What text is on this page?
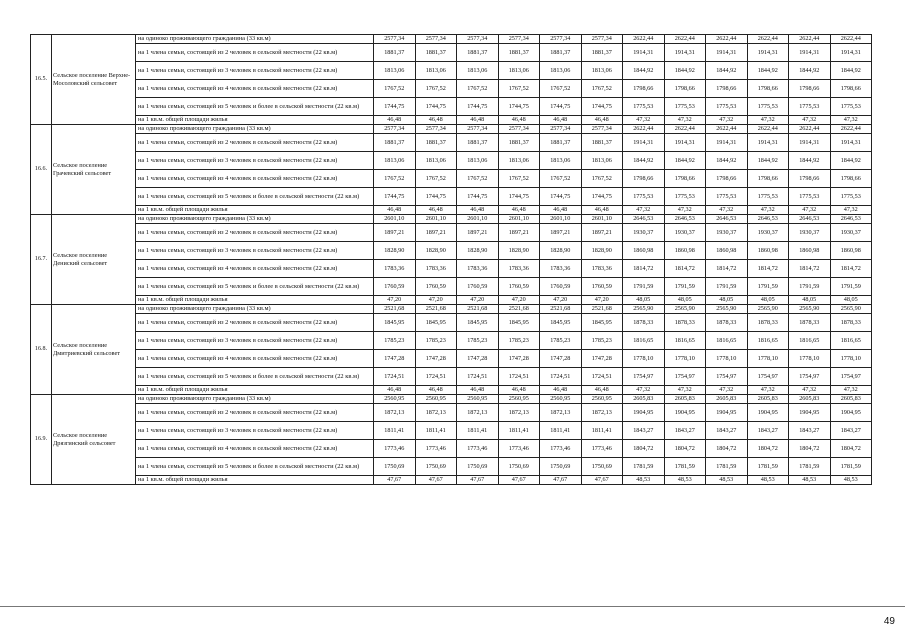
16.5.	Сельское поселение Верхне-Мосоловский сельсовет	на одиноко проживающего гражданина (33 кв.м)	2577,34	2577,34	2577,34	2577,34	2577,34	2577,34	2622,44	2622,44	2622,44	2622,44	2622,44	2622,44
		на 1 члена семьи, состоящей из 2 человек в сельской местности (22 кв.м)	1881,37	1881,37	1881,37	1881,37	1881,37	1881,37	1914,31	1914,31	1914,31	1914,31	1914,31	1914,31
		на 1 члена семьи, состоящей из 3 человек в сельской местности (22 кв.м)	1813,06	1813,06	1813,06	1813,06	1813,06	1813,06	1844,92	1844,92	1844,92	1844,92	1844,92	1844,92
		на 1 члена семьи, состоящей из 4 человек в сельской местности (22 кв.м)	1767,52	1767,52	1767,52	1767,52	1767,52	1767,52	1798,66	1798,66	1798,66	1798,66	1798,66	1798,66
		на 1 члена семьи, состоящей из 5 человек и более в сельской местности (22 кв.м)	1744,75	1744,75	1744,75	1744,75	1744,75	1744,75	1775,53	1775,53	1775,53	1775,53	1775,53	1775,53
		на 1 кв.м. общей площади жилья	46,48	46,48	46,48	46,48	46,48	46,48	47,32	47,32	47,32	47,32	47,32	47,32
16.6.	Сельское поселение Грачевский сельсовет	на одиноко проживающего гражданина (33 кв.м)	2577,34	2577,34	2577,34	2577,34	2577,34	2577,34	2622,44	2622,44	2622,44	2622,44	2622,44	2622,44
		на 1 члена семьи, состоящей из 2 человек в сельской местности (22 кв.м)	1881,37	1881,37	1881,37	1881,37	1881,37	1881,37	1914,31	1914,31	1914,31	1914,31	1914,31	1914,31
		на 1 члена семьи, состоящей из 3 человек в сельской местности (22 кв.м)	1813,06	1813,06	1813,06	1813,06	1813,06	1813,06	1844,92	1844,92	1844,92	1844,92	1844,92	1844,92
		на 1 члена семьи, состоящей из 4 человек в сельской местности (22 кв.м)	1767,52	1767,52	1767,52	1767,52	1767,52	1767,52	1798,66	1798,66	1798,66	1798,66	1798,66	1798,66
		на 1 члена семьи, состоящей из 5 человек и более в сельской местности (22 кв.м)	1744,75	1744,75	1744,75	1744,75	1744,75	1744,75	1775,53	1775,53	1775,53	1775,53	1775,53	1775,53
		на 1 кв.м. общей площади жилья	46,48	46,48	46,48	46,48	46,48	46,48	47,32	47,32	47,32	47,32	47,32	47,32
16.7.	Сельское поселение Дениский сельсовет	на одиноко проживающего гражданина (33 кв.м)	2601,10	2601,10	2601,10	2601,10	2601,10	2601,10	2646,53	2646,53	2646,53	2646,53	2646,53	2646,53
		на 1 члена семьи, состоящей из 2 человек в сельской местности (22 кв.м)	1897,21	1897,21	1897,21	1897,21	1897,21	1897,21	1930,37	1930,37	1930,37	1930,37	1930,37	1930,37
		на 1 члена семьи, состоящей из 3 человек в сельской местности (22 кв.м)	1828,90	1828,90	1828,90	1828,90	1828,90	1828,90	1860,98	1860,98	1860,98	1860,98	1860,98	1860,98
		на 1 члена семьи, состоящей из 4 человек в сельской местности (22 кв.м)	1783,36	1783,36	1783,36	1783,36	1783,36	1783,36	1814,72	1814,72	1814,72	1814,72	1814,72	1814,72
		на 1 члена семьи, состоящей из 5 человек и более в сельской местности (22 кв.м)	1760,59	1760,59	1760,59	1760,59	1760,59	1760,59	1791,59	1791,59	1791,59	1791,59	1791,59	1791,59
		на 1 кв.м. общей площади жилья	47,20	47,20	47,20	47,20	47,20	47,20	48,05	48,05	48,05	48,05	48,05	48,05
16.8.	Сельское поселение Дмитриевский сельсовет	на одиноко проживающего гражданина (33 кв.м)	2521,68	2521,68	2521,68	2521,68	2521,68	2521,68	2565,90	2565,90	2565,90	2565,90	2565,90	2565,90
		на 1 члена семьи, состоящей из 2 человек в сельской местности (22 кв.м)	1845,95	1845,95	1845,95	1845,95	1845,95	1845,95	1878,33	1878,33	1878,33	1878,33	1878,33	1878,33
		на 1 члена семьи, состоящей из 3 человек в сельской местности (22 кв.м)	1785,23	1785,23	1785,23	1785,23	1785,23	1785,23	1816,65	1816,65	1816,65	1816,65	1816,65	1816,65
		на 1 члена семьи, состоящей из 4 человек в сельской местности (22 кв.м)	1747,28	1747,28	1747,28	1747,28	1747,28	1747,28	1778,10	1778,10	1778,10	1778,10	1778,10	1778,10
		на 1 члена семьи, состоящей из 5 человек и более в сельской местности (22 кв.м)	1724,51	1724,51	1724,51	1724,51	1724,51	1724,51	1754,97	1754,97	1754,97	1754,97	1754,97	1754,97
		на 1 кв.м. общей площади жилья	46,48	46,48	46,48	46,48	46,48	46,48	47,32	47,32	47,32	47,32	47,32	47,32
16.9.	Сельское поселение Дрязгинский сельсовет	на одиноко проживающего гражданина (33 кв.м)	2560,95	2560,95	2560,95	2560,95	2560,95	2560,95	2605,83	2605,83	2605,83	2605,83	2605,83	2605,83
		на 1 члена семьи, состоящей из 2 человек в сельской местности (22 кв.м)	1872,13	1872,13	1872,13	1872,13	1872,13	1872,13	1904,95	1904,95	1904,95	1904,95	1904,95	1904,95
		на 1 члена семьи, состоящей из 3 человек в сельской местности (22 кв.м)	1811,41	1811,41	1811,41	1811,41	1811,41	1811,41	1843,27	1843,27	1843,27	1843,27	1843,27	1843,27
		на 1 члена семьи, состоящей из 4 человек в сельской местности (22 кв.м)	1773,46	1773,46	1773,46	1773,46	1773,46	1773,46	1804,72	1804,72	1804,72	1804,72	1804,72	1804,72
		на 1 члена семьи, состоящей из 5 человек и более в сельской местности (22 кв.м)	1750,69	1750,69	1750,69	1750,69	1750,69	1750,69	1781,59	1781,59	1781,59	1781,59	1781,59	1781,59
		на 1 кв.м. общей площади жилья	47,67	47,67	47,67	47,67	47,67	47,67	48,53	48,53	48,53	48,53	48,53	48,53
49
